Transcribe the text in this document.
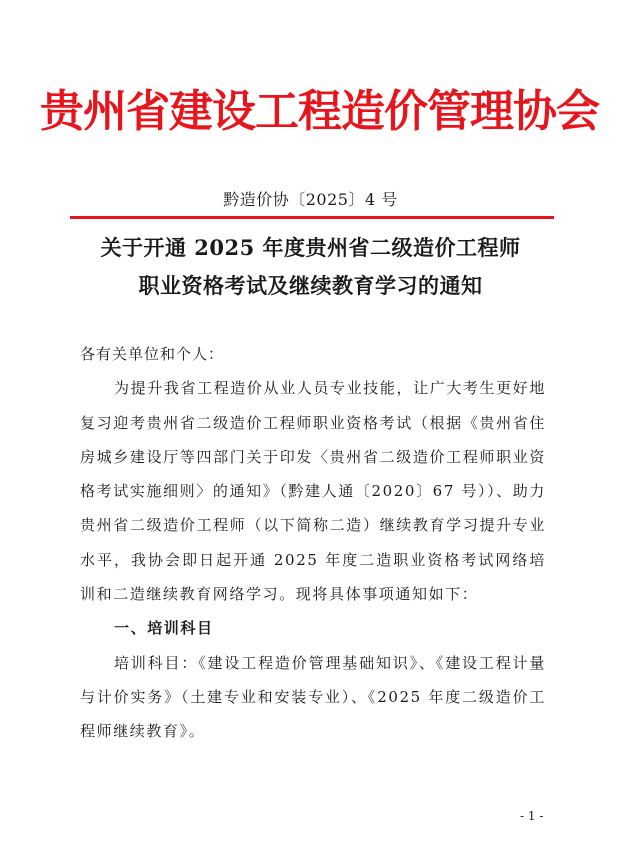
贵州省建设工程造价管理协会
黔造价协〔2025〕4 号
关于开通 2025 年度贵州省二级造价工程师
职业资格考试及继续教育学习的通知

各有关单位和个人：

为提升我省工程造价从业人员专业技能，让广大考生更好地复习迎考贵州省二级造价工程师职业资格考试（根据《贵州省住房城乡建设厅等四部门关于印发〈贵州省二级造价工程师职业资格考试实施细则〉的通知》（黔建人通〔2020〕67 号））、助力贵州省二级造价工程师（以下简称二造）继续教育学习提升专业水平，我协会即日起开通 2025 年度二造职业资格考试网络培训和二造继续教育网络学习。现将具体事项通知如下：

一、培训科目

培训科目：《建设工程造价管理基础知识》、《建设工程计量与计价实务》（土建专业和安装专业）、《2025 年度二级造价工程师继续教育》。

- 1 -
